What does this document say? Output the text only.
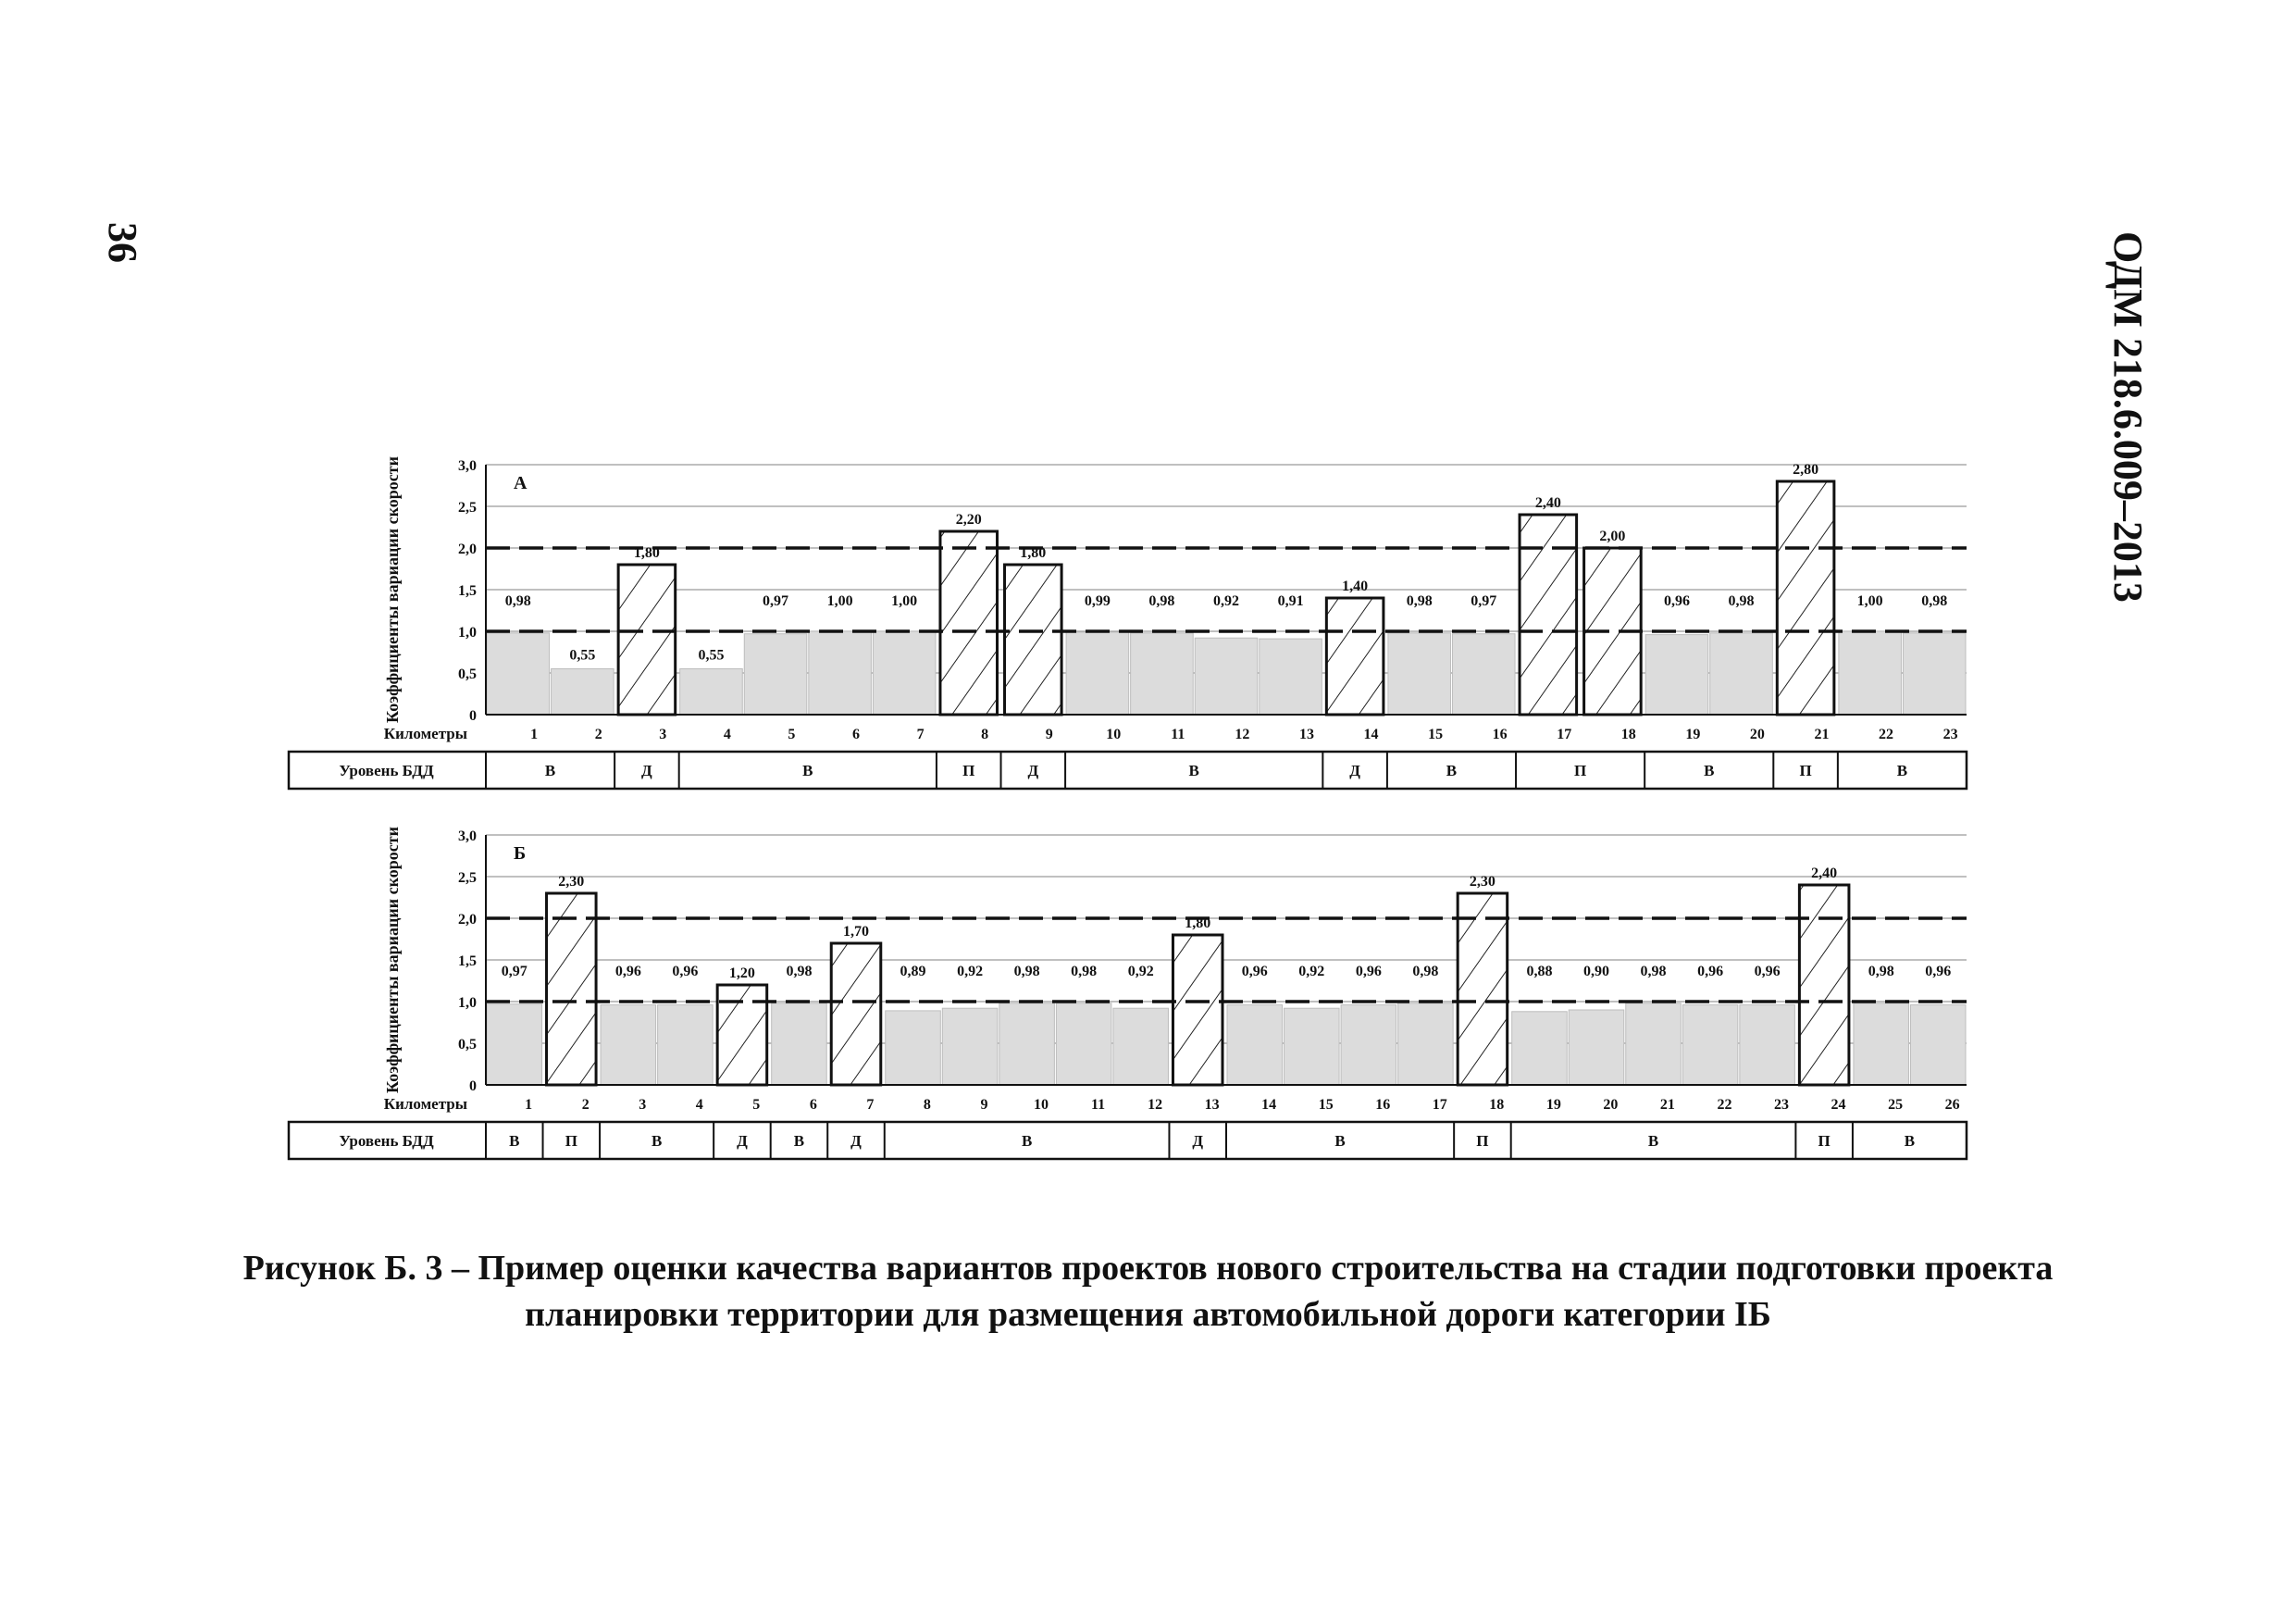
36	ОДМ 218.6.009–2013
0
0,5
1,0
1,5
2,0
2,5
3,0
Коэффициенты вариации скорости	А
0,98
0,55
1,80
0,55
0,97	1,00	1,00
2,20
1,80
0,99	0,98	0,92	0,91
1,40
0,98	0,97
2,40
2,00
0,96	0,98
2,80
1,00	0,98
Километры	1	2	3	4	5	6	7	8	9	10	11	12	13	14	15	16	17	18	19	20	21	22	23
Уровень БДД	В	Д	В	П	Д	В	Д	В	П	В	П	В
0
0,5
1,0
1,5
2,0
2,5
3,0
Коэффициенты вариации скорости	Б
0,97
2,30
0,96 0,96 1,20 0,98
1,70
0,89 0,92 0,98 0,98 0,92
1,80
0,96 0,92 0,96 0,98
2,30
0,88 0,90 0,98 0,96 0,96
2,40
0,98 0,96
Километры	1	2	3	4	5	6	7	8	9	10	11	12	13	14	15	16	17	18	19	20	21	22	23	24	25	26
Уровень БДД	В	П	В	Д	В	Д	В	Д	В	П	В	П	В
Рисунок Б. 3 – Пример оценки качества вариантов проектов нового строительства на стадии подготовки проекта
планировки территории для размещения автомобильной дороги категории IБ
